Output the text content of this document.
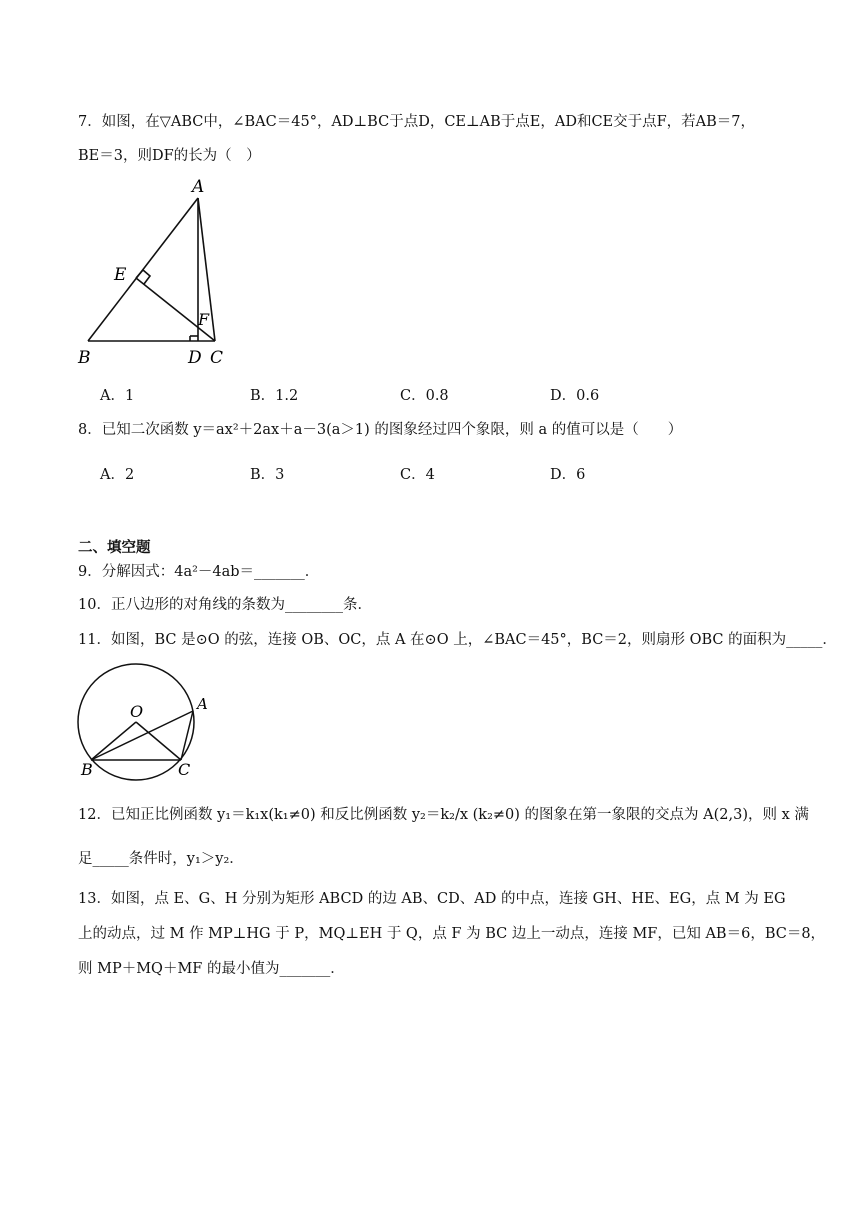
7．如图，在▽ABC中，∠BAC＝45°，AD⊥BC于点D，CE⊥AB于点E，AD和CE交于点F，若AB＝7，
BE＝3，则DF的长为（　）
A
E
F
B	D C
A．1	B．1.2	C．0.8	D．0.6
8．已知二次函数 y＝ax²＋2ax＋a－3(a＞1) 的图象经过四个象限，则 a 的值可以是（　　）
A．2	B．3	C．4	D．6
二、填空题
9．分解因式：4a²－4ab＝_______．
10．正八边形的对角线的条数为________条．
11．如图，BC 是⊙O 的弦，连接 OB、OC，点 A 在⊙O 上，∠BAC＝45°，BC＝2，则扇形 OBC 的面积为_____．
O	A
B	C
12．已知正比例函数 y₁＝k₁x(k₁≠0) 和反比例函数 y₂＝k₂/x (k₂≠0) 的图象在第一象限的交点为 A(2,3)，则 x 满
足_____条件时，y₁＞y₂．
13．如图，点 E、G、H 分别为矩形 ABCD 的边 AB、CD、AD 的中点，连接 GH、HE、EG，点 M 为 EG
上的动点，过 M 作 MP⊥HG 于 P，MQ⊥EH 于 Q，点 F 为 BC 边上一动点，连接 MF，已知 AB＝6，BC＝8，
则 MP＋MQ＋MF 的最小值为_______．
